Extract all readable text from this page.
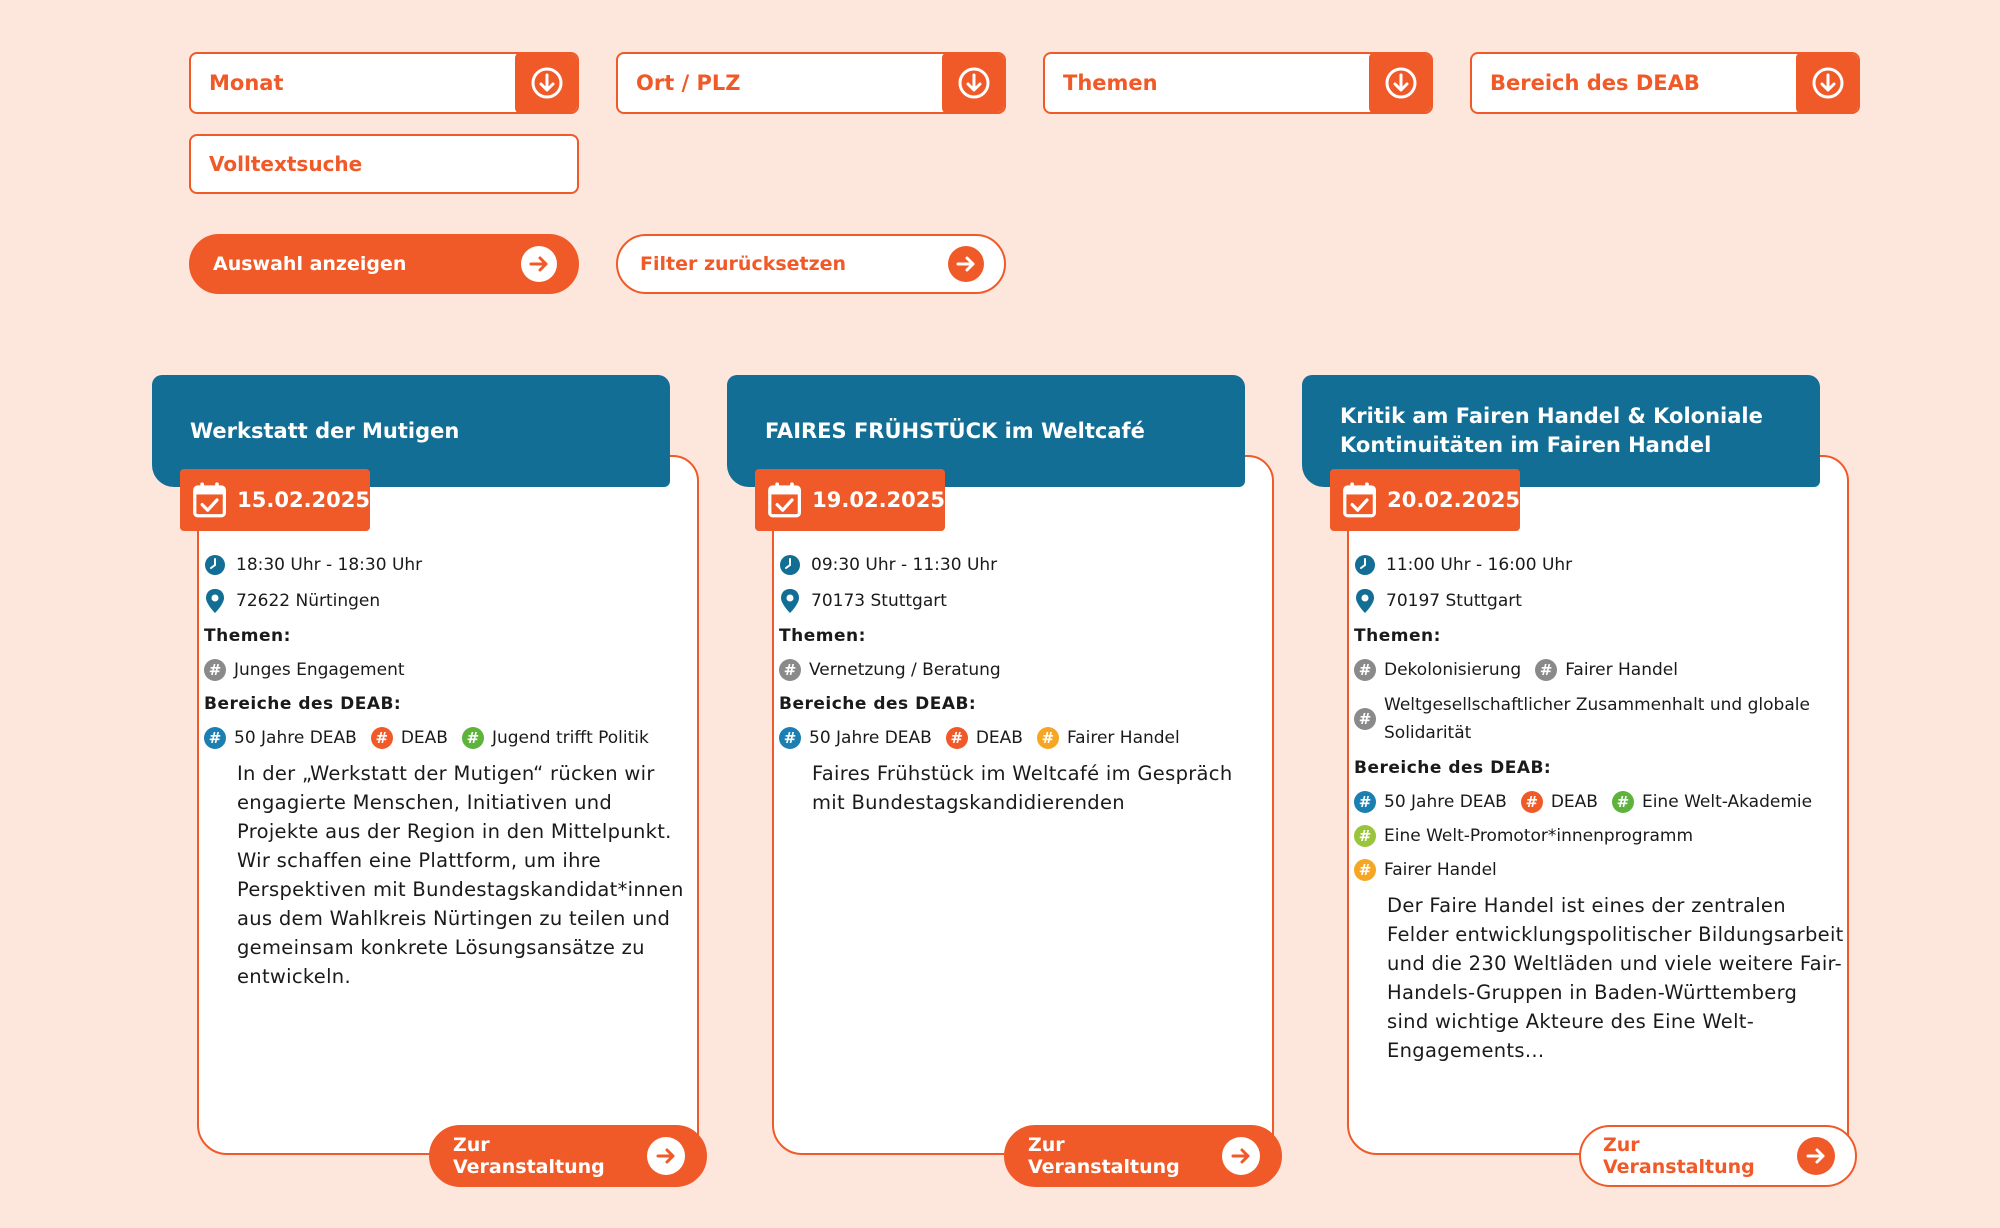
Monat	Ort / PLZ	Themen	Bereich des DEAB
Volltextsuche
Auswahl anzeigen	Filter zurücksetzen
Werkstatt der Mutigen
15.02.2025
18:30 Uhr - 18:30 Uhr
72622 Nürtingen
Themen:
# Junges Engagement
Bereiche des DEAB:
# 50 Jahre DEAB	# DEAB	# Jugend trifft Politik
In der „Werkstatt der Mutigen“ rücken wir engagierte Menschen, Initiativen und Projekte aus der Region in den Mittelpunkt. Wir schaffen eine Plattform, um ihre Perspektiven mit Bundestagskandidat*innen aus dem Wahlkreis Nürtingen zu teilen und gemeinsam konkrete Lösungsansätze zu entwickeln.
Zur Veranstaltung
FAIRES FRÜHSTÜCK im Weltcafé
19.02.2025
09:30 Uhr - 11:30 Uhr
70173 Stuttgart
Themen:
# Vernetzung / Beratung
Bereiche des DEAB:
# 50 Jahre DEAB	# DEAB	# Fairer Handel
Faires Frühstück im Weltcafé im Gespräch mit Bundestagskandidierenden
Zur Veranstaltung
Kritik am Fairen Handel & Koloniale Kontinuitäten im Fairen Handel
20.02.2025
11:00 Uhr - 16:00 Uhr
70197 Stuttgart
Themen:
# Dekolonisierung	# Fairer Handel
#
Weltgesellschaftlicher Zusammenhalt und globale Solidarität
Bereiche des DEAB:
# 50 Jahre DEAB	# DEAB	# Eine Welt-Akademie
# Eine Welt-Promotor*innenprogramm
# Fairer Handel
Der Faire Handel ist eines der zentralen Felder entwicklungspolitischer Bildungsarbeit und die 230 Weltläden und viele weitere Fair-Handels-Gruppen in Baden-Württemberg sind wichtige Akteure des Eine Welt-Engagements...
Zur Veranstaltung
